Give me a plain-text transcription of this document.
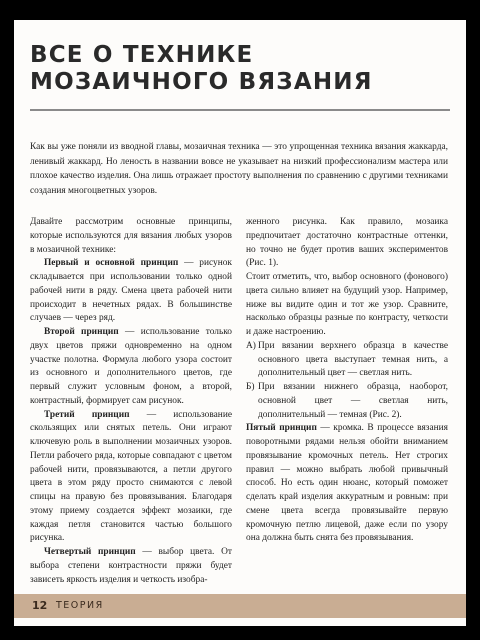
ВСЕ О ТЕХНИКЕ
МОЗАИЧНОГО ВЯЗАНИЯ

Как вы уже поняли из вводной главы, мозаичная техника — это упрощенная техника вязания жаккарда, ленивый жаккард. Но леность в названии вовсе не указывает на низкий профессионализм мастера или плохое качество изделия. Она лишь отражает простоту выполнения по сравнению с другими техниками создания многоцветных узоров.

Давайте рассмотрим основные принципы, которые используются для вязания любых узоров в мозаичной технике:

Первый и основной принцип — рисунок складывается при использовании только одной рабочей нити в ряду. Смена цвета рабочей нити происходит в нечетных рядах. В большинстве случаев — через ряд.

Второй принцип — использование только двух цветов пряжи одновременно на одном участке полотна. Формула любого узора состоит из основного и дополнительного цветов, где первый служит условным фоном, а второй, контрастный, формирует сам рисунок.

Третий принцип — использование скользящих или снятых петель. Они играют ключевую роль в выполнении мозаичных узоров. Петли рабочего ряда, которые совпадают с цветом рабочей нити, провязываются, а петли другого цвета в этом ряду просто снимаются с левой спицы на правую без провязывания. Благодаря этому приему создается эффект мозаики, где каждая петля становится частью большого рисунка.

Четвертый принцип — выбор цвета. От выбора степени контрастности пряжи будет зависеть яркость изделия и четкость изобра-

женного рисунка. Как правило, мозаика предпочитает достаточно контрастные оттенки, но точно не будет против ваших экспериментов (Рис. 1).

Стоит отметить, что, выбор основного (фонового) цвета сильно влияет на будущий узор. Например, ниже вы видите один и тот же узор. Сравните, насколько образцы разные по контрасту, четкости и даже настроению.

А) При вязании верхнего образца в качестве основного цвета выступает темная нить, а дополнительный цвет — светлая нить.
Б) При вязании нижнего образца, наоборот, основной цвет — светлая нить, дополнительный — темная (Рис. 2).

Пятый принцип — кромка. В процессе вязания поворотными рядами нельзя обойти вниманием провязывание кромочных петель. Нет строгих правил — можно выбрать любой привычный способ. Но есть один нюанс, который поможет сделать край изделия аккуратным и ровным: при смене цвета всегда провязывайте первую кромочную петлю лицевой, даже если по узору она должна быть снята без провязывания.

12 ТЕОРИЯ
